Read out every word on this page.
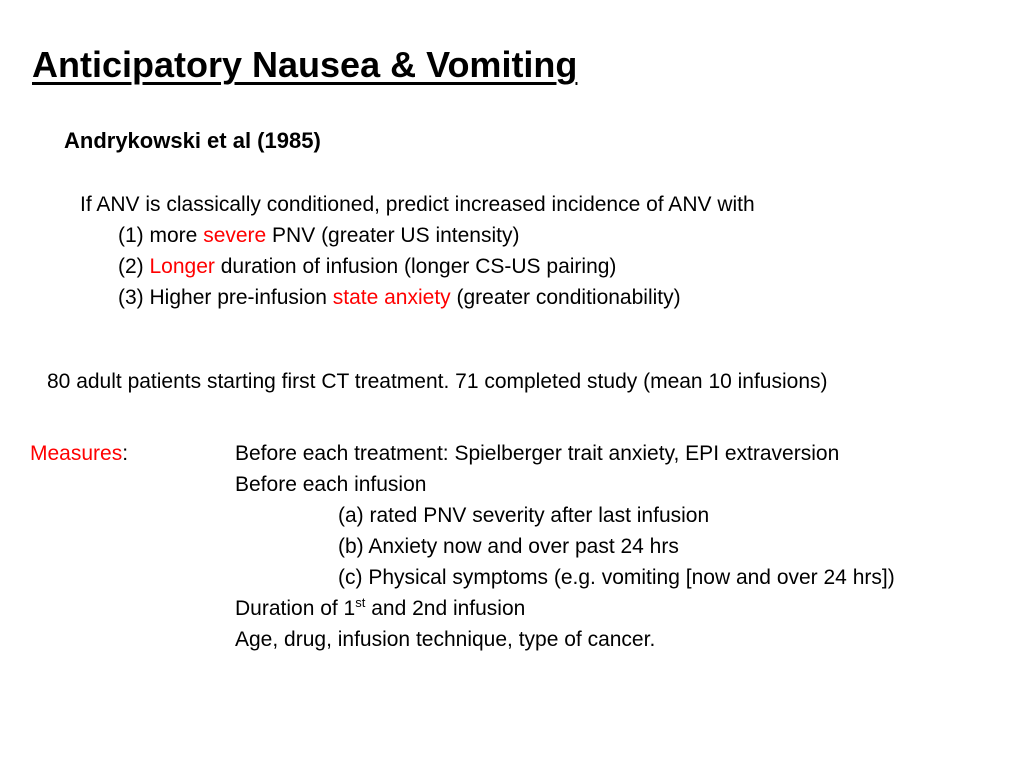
Anticipatory Nausea & Vomiting
Andrykowski et al (1985)
If ANV is classically conditioned, predict increased incidence of ANV with
(1) more severe PNV (greater US intensity)
(2) Longer duration of infusion (longer CS-US pairing)
(3) Higher pre-infusion state anxiety (greater conditionability)
80 adult patients starting first CT treatment. 71 completed study (mean 10 infusions)
Measures:	Before each treatment: Spielberger trait anxiety, EPI extraversion
Before each infusion
(a) rated PNV severity after last infusion
(b) Anxiety now and over past 24 hrs
(c) Physical symptoms (e.g. vomiting [now and over 24 hrs])
Duration of 1st and 2nd infusion
Age, drug, infusion technique, type of cancer.
